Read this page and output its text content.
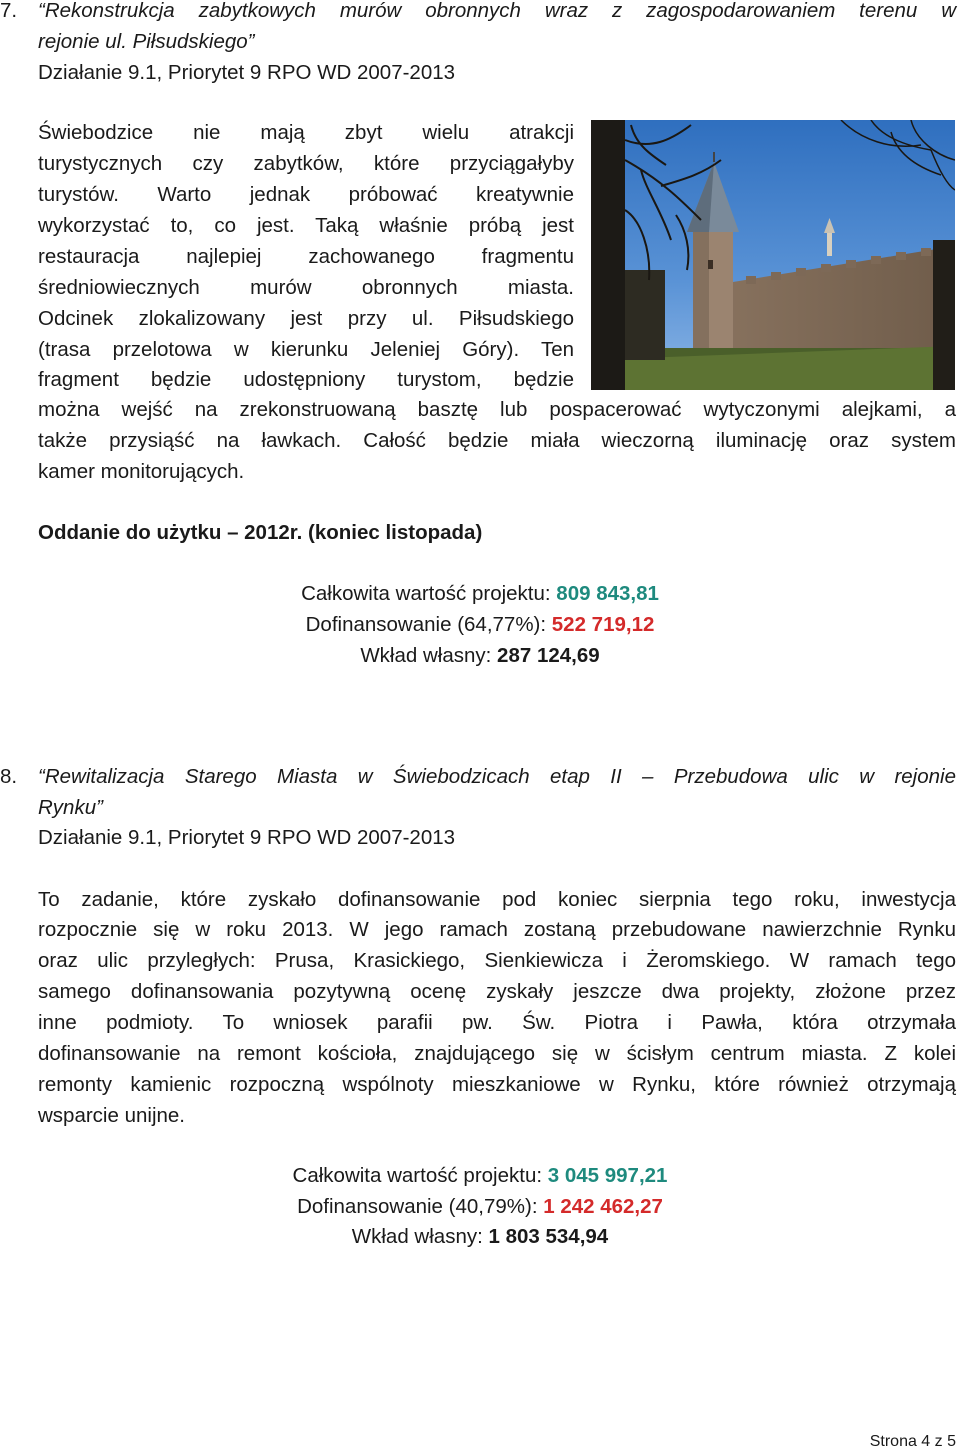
7. “Rekonstrukcja zabytkowych murów obronnych wraz z zagospodarowaniem terenu w
rejonie ul. Piłsudskiego”
Działanie 9.1, Priorytet 9 RPO WD 2007-2013
Świebodzice nie mają zbyt wielu atrakcji
turystycznych czy zabytków, które przyciągałyby
turystów. Warto jednak próbować kreatywnie
wykorzystać to, co jest. Taką właśnie próbą jest
restauracja najlepiej zachowanego fragmentu
średniowiecznych murów obronnych miasta.
Odcinek zlokalizowany jest przy ul. Piłsudskiego
(trasa przelotowa w kierunku Jeleniej Góry). Ten
fragment będzie udostępniony turystom, będzie
można wejść na zrekonstruowaną basztę lub pospacerować wytyczonymi alejkami, a
także przysiąść na ławkach. Całość będzie miała wieczorną iluminację oraz system
kamer monitorujących.
Oddanie do użytku – 2012r. (koniec listopada)
Całkowita wartość projektu: 809 843,81
Dofinansowanie (64,77%): 522 719,12
Wkład własny: 287 124,69
8. “Rewitalizacja Starego Miasta w Świebodzicach etap II – Przebudowa ulic w rejonie
Rynku”
Działanie 9.1, Priorytet 9 RPO WD 2007-2013
To zadanie, które zyskało dofinansowanie pod koniec sierpnia tego roku, inwestycja
rozpocznie się w roku 2013. W jego ramach zostaną przebudowane nawierzchnie Rynku
oraz ulic przyległych: Prusa, Krasickiego, Sienkiewicza i Żeromskiego. W ramach tego
samego dofinansowania pozytywną ocenę zyskały jeszcze dwa projekty, złożone przez
inne podmioty. To wniosek parafii pw. Św. Piotra i Pawła, która otrzymała
dofinansowanie na remont kościoła, znajdującego się w ścisłym centrum miasta. Z kolei
remonty kamienic rozpoczną wspólnoty mieszkaniowe w Rynku, które również otrzymają
wsparcie unijne.
Całkowita wartość projektu: 3 045 997,21
Dofinansowanie (40,79%): 1 242 462,27
Wkład własny: 1 803 534,94
Strona 4 z 5
